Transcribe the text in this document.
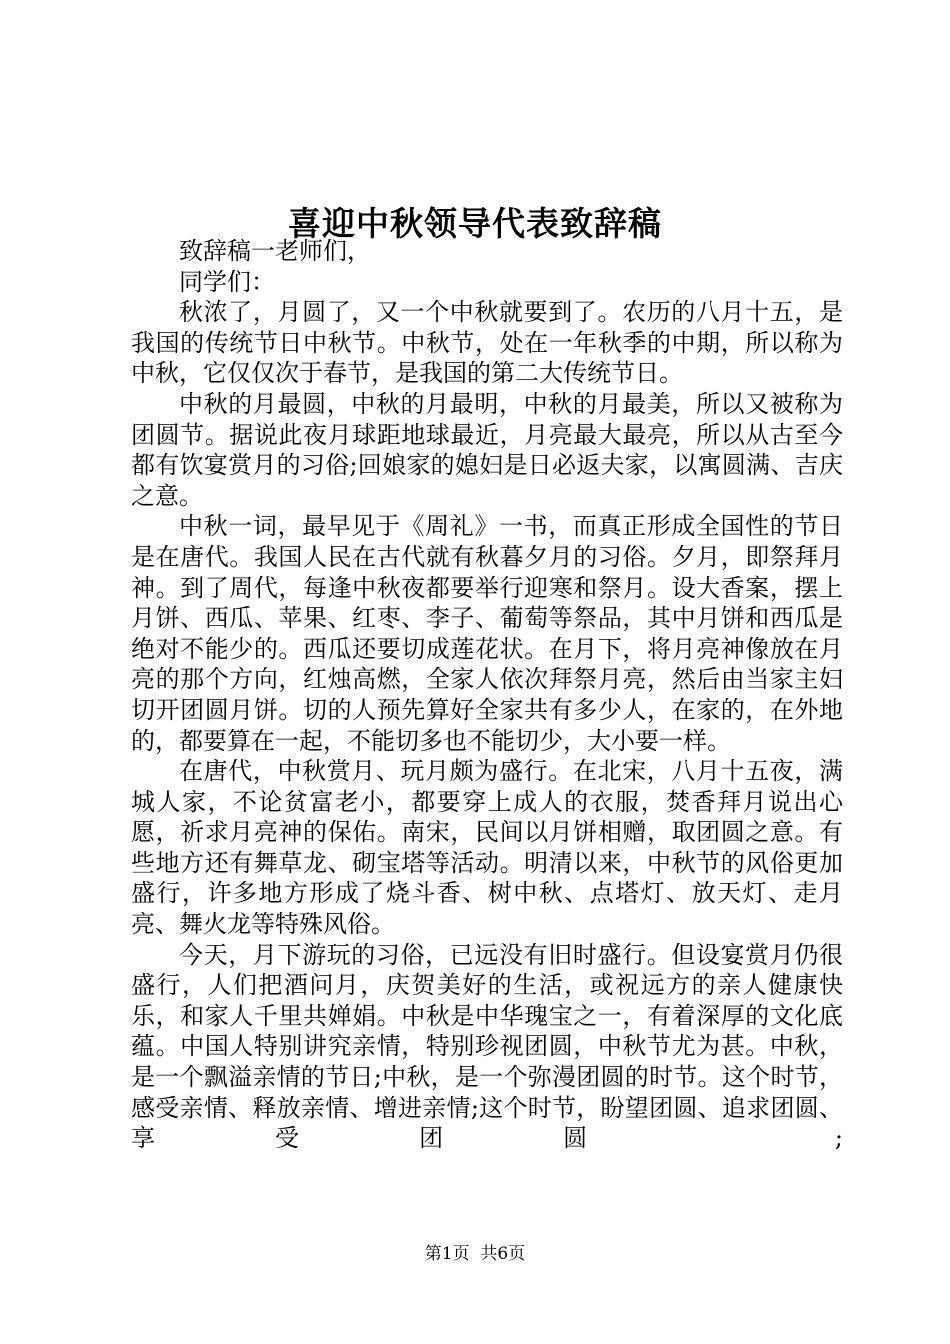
喜迎中秋领导代表致辞稿

致辞稿一老师们，

同学们：

秋浓了，月圆了，又一个中秋就要到了。农历的八月十五，是我国的传统节日中秋节。中秋节，处在一年秋季的中期，所以称为中秋，它仅仅次于春节，是我国的第二大传统节日。

中秋的月最圆，中秋的月最明，中秋的月最美，所以又被称为团圆节。据说此夜月球距地球最近，月亮最大最亮，所以从古至今都有饮宴赏月的习俗;回娘家的媳妇是日必返夫家，以寓圆满、吉庆之意。

中秋一词，最早见于《周礼》一书，而真正形成全国性的节日是在唐代。我国人民在古代就有秋暮夕月的习俗。夕月，即祭拜月神。到了周代，每逢中秋夜都要举行迎寒和祭月。设大香案，摆上月饼、西瓜、苹果、红枣、李子、葡萄等祭品，其中月饼和西瓜是绝对不能少的。西瓜还要切成莲花状。在月下，将月亮神像放在月亮的那个方向，红烛高燃，全家人依次拜祭月亮，然后由当家主妇切开团圆月饼。切的人预先算好全家共有多少人，在家的，在外地的，都要算在一起，不能切多也不能切少，大小要一样。

在唐代，中秋赏月、玩月颇为盛行。在北宋，八月十五夜，满城人家，不论贫富老小，都要穿上成人的衣服，焚香拜月说出心愿，祈求月亮神的保佑。南宋，民间以月饼相赠，取团圆之意。有些地方还有舞草龙、砌宝塔等活动。明清以来，中秋节的风俗更加盛行，许多地方形成了烧斗香、树中秋、点塔灯、放天灯、走月亮、舞火龙等特殊风俗。

今天，月下游玩的习俗，已远没有旧时盛行。但设宴赏月仍很盛行，人们把酒问月，庆贺美好的生活，或祝远方的亲人健康快乐，和家人千里共婵娟。中秋是中华瑰宝之一，有着深厚的文化底蕴。中国人特别讲究亲情，特别珍视团圆，中秋节尤为甚。中秋，是一个飘溢亲情的节日;中秋，是一个弥漫团圆的时节。这个时节，感受亲情、释放亲情、增进亲情;这个时节，盼望团圆、追求团圆、享受团圆 ;

第1页  共6页
